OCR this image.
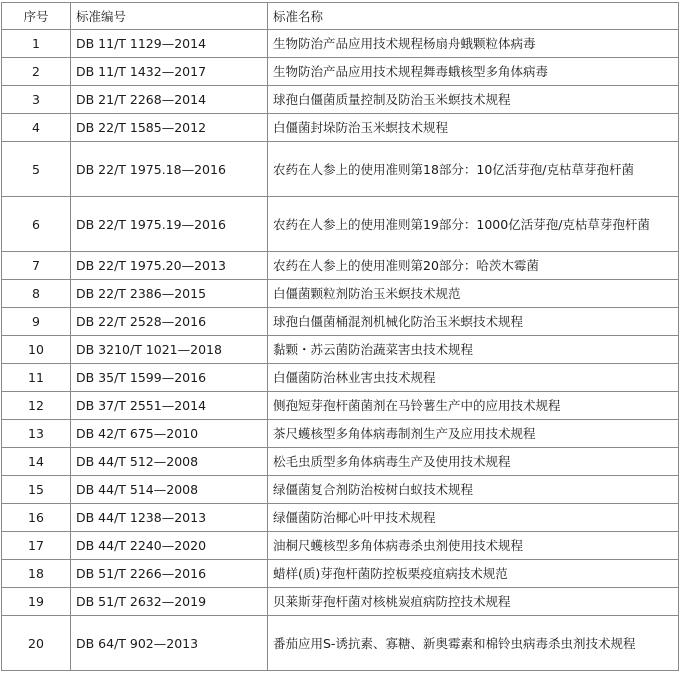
序号	标准编号	标准名称
1	DB 11/T 1129—2014	生物防治产品应用技术规程杨扇舟蛾颗粒体病毒
2	DB 11/T 1432—2017	生物防治产品应用技术规程舞毒蛾核型多角体病毒
3	DB 21/T 2268—2014	球孢白僵菌质量控制及防治玉米螟技术规程
4	DB 22/T 1585—2012	白僵菌封垛防治玉米螟技术规程
5	DB 22/T 1975.18—2016	农药在人参上的使用准则第18部分：10亿活芽孢/克枯草芽孢杆菌
6	DB 22/T 1975.19—2016	农药在人参上的使用准则第19部分：1000亿活芽孢/克枯草芽孢杆菌
7	DB 22/T 1975.20—2013	农药在人参上的使用准则第20部分：哈茨木霉菌
8	DB 22/T 2386—2015	白僵菌颗粒剂防治玉米螟技术规范
9	DB 22/T 2528—2016	球孢白僵菌桶混剂机械化防治玉米螟技术规程
10	DB 3210/T 1021—2018	黏颗・苏云菌防治蔬菜害虫技术规程
11	DB 35/T 1599—2016	白僵菌防治林业害虫技术规程
12	DB 37/T 2551—2014	侧孢短芽孢杆菌菌剂在马铃薯生产中的应用技术规程
13	DB 42/T 675—2010	茶尺蠖核型多角体病毒制剂生产及应用技术规程
14	DB 44/T 512—2008	松毛虫质型多角体病毒生产及使用技术规程
15	DB 44/T 514—2008	绿僵菌复合剂防治桉树白蚁技术规程
16	DB 44/T 1238—2013	绿僵菌防治椰心叶甲技术规程
17	DB 44/T 2240—2020	油桐尺蠖核型多角体病毒杀虫剂使用技术规程
18	DB 51/T 2266—2016	蜡样(质)芽孢杆菌防控板栗疫疽病技术规范
19	DB 51/T 2632—2019	贝莱斯芽孢杆菌对核桃炭疽病防控技术规程
20	DB 64/T 902—2013	番茄应用S-诱抗素、寡糖、新奥霉素和棉铃虫病毒杀虫剂技术规程
